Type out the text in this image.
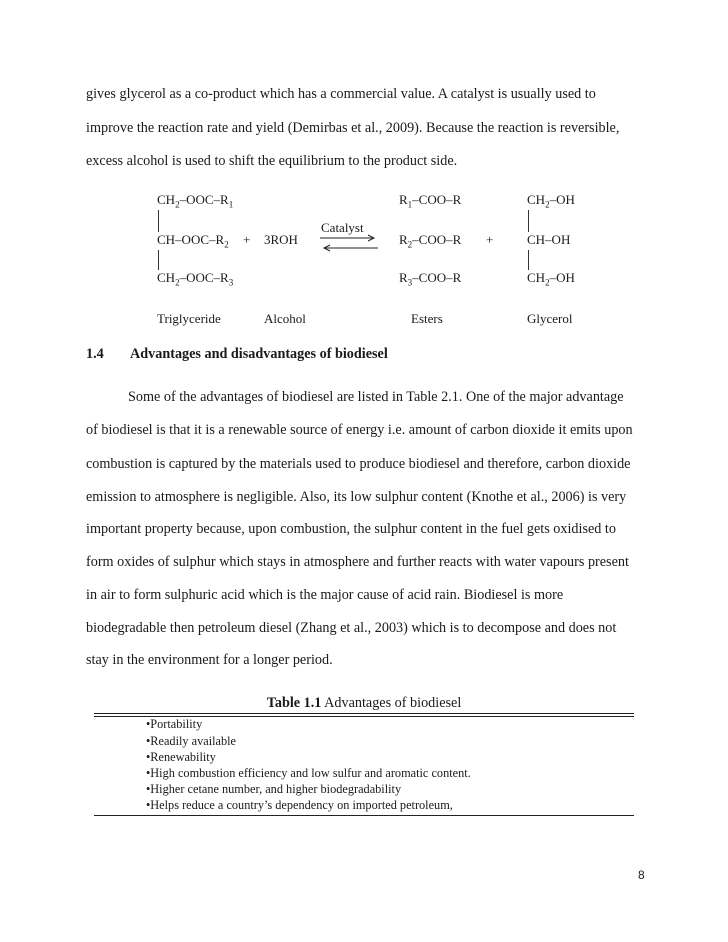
gives glycerol as a co-product which has a commercial value. A catalyst is usually used to
improve the reaction rate and yield (Demirbas et al., 2009). Because the reaction is reversible,
excess alcohol is used to shift the equilibrium to the product side.
$CH_2-OOC-R_1$
$CH-OOC-R_2$
$CH_2-OOC-R_3$
+ 3ROH
Catalyst
$R_1-COO-R$
$R_2-COO-R$
$R_3-COO-R$
+
$CH_2-OH$
CH–OH
$CH_2-OH$
Triglyceride	Alcohol	Esters	Glycerol
1.4 Advantages and disadvantages of biodiesel
Some of the advantages of biodiesel are listed in Table 2.1. One of the major advantage
of biodiesel is that it is a renewable source of energy i.e. amount of carbon dioxide it emits upon
combustion is captured by the materials used to produce biodiesel and therefore, carbon dioxide
emission to atmosphere is negligible. Also, its low sulphur content (Knothe et al., 2006) is very
important property because, upon combustion, the sulphur content in the fuel gets oxidised to
form oxides of sulphur which stays in atmosphere and further reacts with water vapours present
in air to form sulphuric acid which is the major cause of acid rain. Biodiesel is more
biodegradable then petroleum diesel (Zhang et al., 2003) which is to decompose and does not
stay in the environment for a longer period.
Table 1.1 Advantages of biodiesel
•Portability
•Readily available
•Renewability
•High combustion efficiency and low sulfur and aromatic content.
•Higher cetane number, and higher biodegradability
•Helps reduce a country’s dependency on imported petroleum,
8
